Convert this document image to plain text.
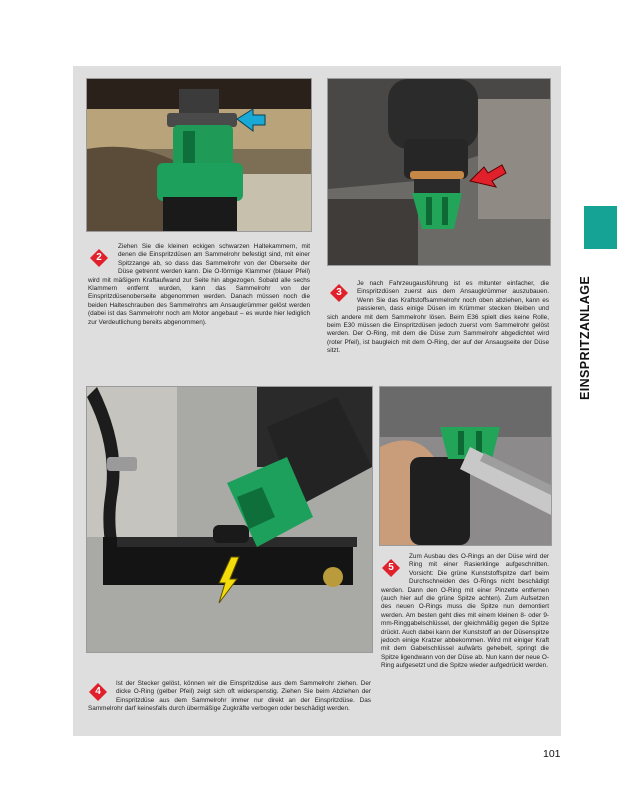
2
3
4
5
Ziehen Sie die kleinen eckigen schwarzen Haltekammern, mit denen die Einspritzdüsen am Sammelrohr befestigt sind, mit einer Spitzzange ab, so dass das Sammelrohr von der Oberseite der Düse getrennt werden kann. Die O-förmige Klammer (blauer Pfeil) wird mit mäßigem Kraftaufwand zur Seite hin abgezogen. Sobald alle sechs Klammern entfernt wurden, kann das Sammelrohr von der Einspritzdüsenoberseite abgenommen werden. Danach müssen noch die beiden Halteschrauben des Sammelrohrs am Ansaugkrümmer gelöst werden (dabei ist das Sammelrohr noch am Motor angebaut – es wurde hier lediglich zur Verdeutlichung bereits abgenommen).
Je nach Fahrzeugausführung ist es mitunter einfacher, die Einspritzdüsen zuerst aus dem Ansaugkrümmer auszubauen. Wenn Sie das Kraftstoffsammelrohr noch oben abziehen, kann es passieren, dass einige Düsen im Krümmer stecken bleiben und sich andere mit dem Sammelrohr lösen. Beim E36 spielt dies keine Rolle, beim E30 müssen die Einspritzdüsen jedoch zuerst vom Sammelrohr gelöst werden. Der O-Ring, mit dem die Düse zum Sammelrohr abgedichtet wird (roter Pfeil), ist baugleich mit dem O-Ring, der auf der Ansaugseite der Düse sitzt.
Ist der Stecker gelöst, können wir die Einspritzdüse aus dem Sammelrohr ziehen. Der dicke O-Ring (gelber Pfeil) zeigt sich oft widerspenstig. Ziehen Sie beim Abziehen der Einspritzdüse aus dem Sammelrohr immer nur direkt an der Einspritzdüse. Das Sammelrohr darf keinesfalls durch übermäßige Zugkräfte verbogen oder beschädigt werden.
Zum Ausbau des O-Rings an der Düse wird der Ring mit einer Rasierklinge aufgeschnitten. Vorsicht: Die grüne Kunststoffspitze darf beim Durchschneiden des O-Rings nicht beschädigt werden. Dann den O-Ring mit einer Pinzette entfernen (auch hier auf die grüne Spitze achten). Zum Aufsetzen des neuen O-Rings muss die Spitze nun demontiert werden. Am besten geht dies mit einem kleinen 8- oder 9-mm-Ringgabelschlüssel, der gleichmäßig gegen die Spitze drückt. Auch dabei kann der Kunststoff an der Düsenspitze jedoch einige Kratzer abbekommen. Wird mit einiger Kraft mit dem Gabelschlüssel aufwärts gehebelt, springt die Spitze ligendwann von der Düse ab. Nun kann der neue O-Ring aufgesetzt und die Spitze wieder aufgedrückt werden.
EINSPRITZANLAGE
101
